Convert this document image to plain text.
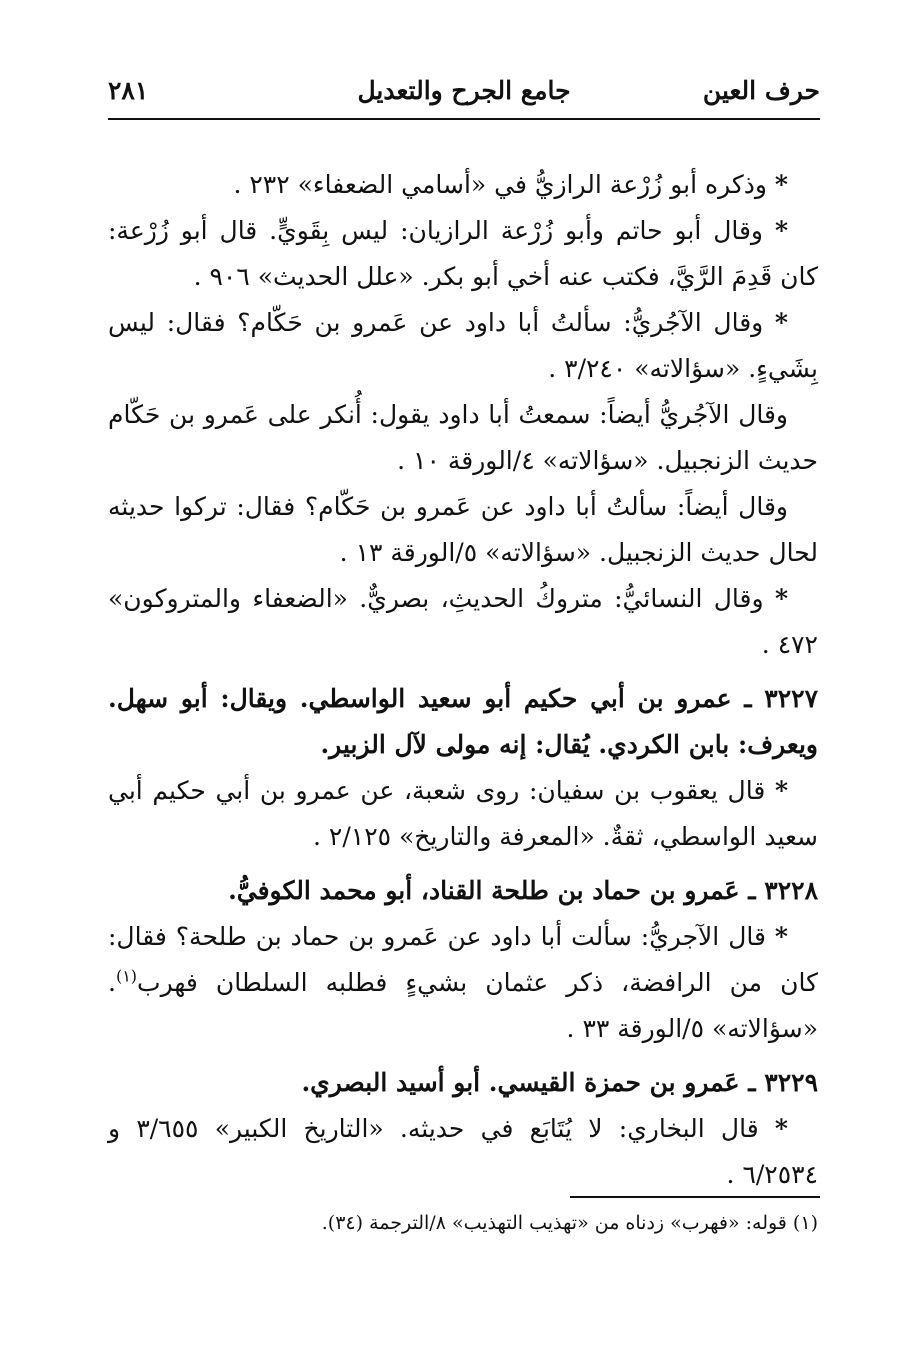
حرف العين
جامع الجرح والتعديل
٢٨١

* وذكره أبو زُرْعة الرازيُّ في «أسامي الضعفاء» ٢٣٢ .

* وقال أبو حاتم وأبو زُرْعة الرازيان: ليس بِقَويٍّ. قال أبو زُرْعة: كان قَدِمَ الرَّيَّ، فكتب عنه أخي أبو بكر. «علل الحديث» ٩٠٦ .

* وقال الآجُريُّ: سألتُ أبا داود عن عَمرو بن حَكّام؟ فقال: ليس بِشَيءٍ. «سؤالاته» ٣/٢٤٠ .

وقال الآجُريُّ أيضاً: سمعتُ أبا داود يقول: أُنكر على عَمرو بن حَكّام حديث الزنجبيل. «سؤالاته» ٤/الورقة ١٠ .

وقال أيضاً: سألتُ أبا داود عن عَمرو بن حَكّام؟ فقال: تركوا حديثه لحال حديث الزنجبيل. «سؤالاته» ٥/الورقة ١٣ .

* وقال النسائيُّ: متروكُ الحديثِ، بصريٌّ. «الضعفاء والمتروكون» ٤٧٢ .

٣٢٢٧ ـ عمرو بن أبي حكيم أبو سعيد الواسطي. ويقال: أبو سهل. ويعرف: بابن الكردي. يُقال: إنه مولى لآل الزبير.

* قال يعقوب بن سفيان: روى شعبة، عن عمرو بن أبي حكيم أبي سعيد الواسطي، ثقةٌ. «المعرفة والتاريخ» ٢/١٢٥ .

٣٢٢٨ ـ عَمرو بن حماد بن طلحة القناد، أبو محمد الكوفيُّ.

* قال الآجريُّ: سألت أبا داود عن عَمرو بن حماد بن طلحة؟ فقال: كان من الرافضة، ذكر عثمان بشيءٍ فطلبه السلطان فهرب$^{(١)}$. «سؤالاته» ٥/الورقة ٣٣ .

٣٢٢٩ ـ عَمرو بن حمزة القيسي. أبو أسيد البصري.

* قال البخاري: لا يُتَابَع في حديثه. «التاريخ الكبير» ٣/٦٥٥ و ٦/٢٥٣٤ .

(١) قوله: «فهرب» زدناه من «تهذيب التهذيب» ٨/الترجمة (٣٤).
